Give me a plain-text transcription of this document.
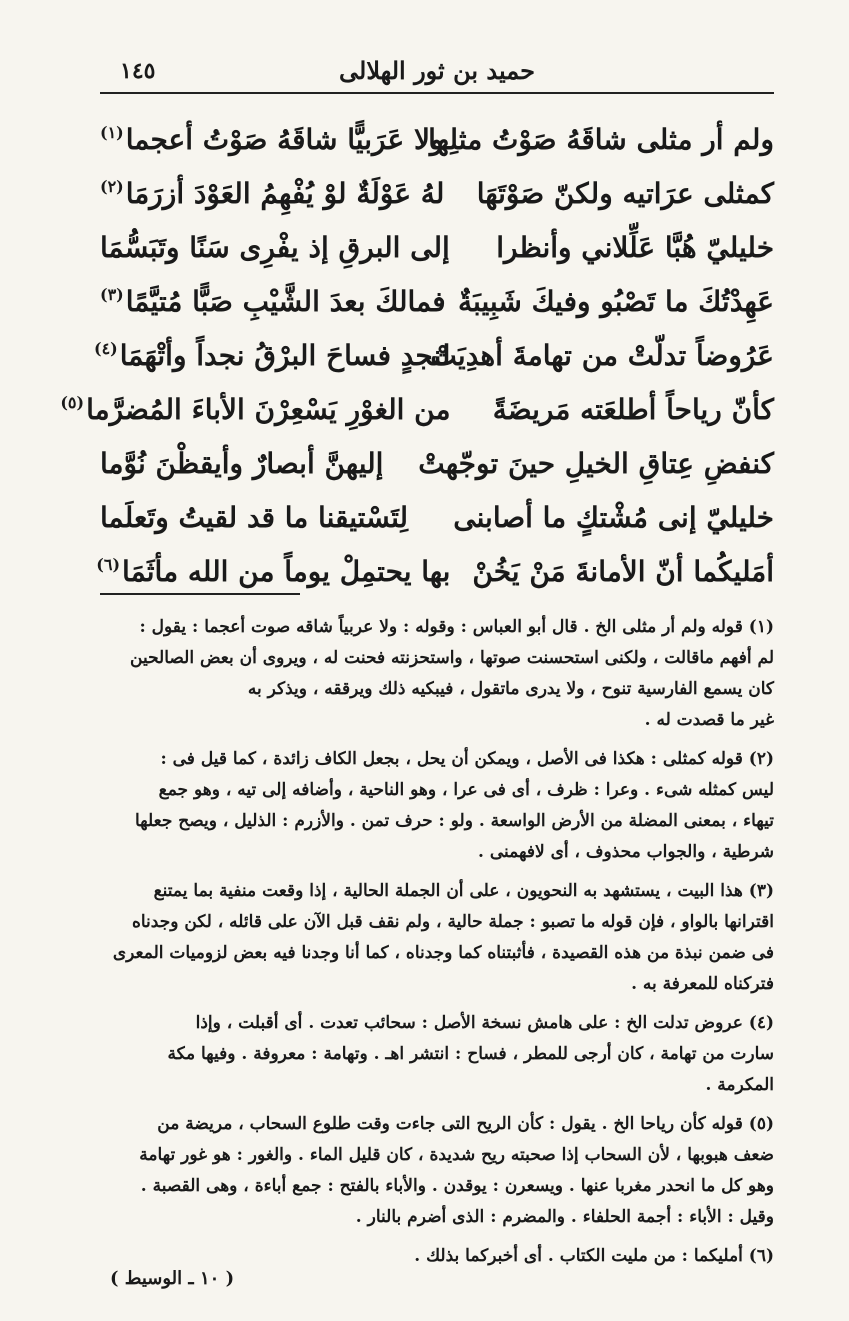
حميد بن ثور الهلالى
١٤٥
ولم أر مثلى شاقَهُ صَوْتُ مثلِها
ولا عَرَبيًّا شاقَهُ صَوْتُ أعجما$^{(١)}$
كمثلى عرَاتيه ولكنّ صَوْتَهَا
لهُ عَوْلَةٌ لوْ يُفْهِمُ العَوْدَ أزرَمَا$^{(٢)}$
خليليّ هُبَّا عَلِّلاني وأنظرا
إلى البرقِ إذ يفْرِى سَنًا وتَبَسُّمَا
عَهِدْتُكَ ما تَصْبُو وفيكَ شَبِيبَةٌ
فمالكَ بعدَ الشَّيْبِ صَبًّا مُتيَّمًا$^{(٣)}$
عَرُوضاً تدلّتْ من تهامةَ أهدِيَتْ
لنجدٍ فساحَ البرْقُ نجداً وأتْهَمَا$^{(٤)}$
كأنّ رياحاً أطلعَته مَريضَةً
من الغوْرِ يَسْعِرْنَ الأباءَ المُضرَّما$^{(٥)}$
كنفضِ عِتاقِ الخيلِ حينَ توجّهتْ
إليهنَّ أبصارٌ وأيقظْنَ نُوَّما
خليليّ إنى مُشْتكٍ ما أصابنى
لِتَسْتيقنا ما قد لقيتُ وتَعلَما
أمَليكُما أنّ الأمانةَ مَنْ يَخُنْ
بها يحتمِلْ يوماً من الله مأثَمَا$^{(٦)}$

(١) قوله ولم أر مثلى الخ . قال أبو العباس : وقوله : ولا عربياً شاقه صوت أعجما : يقول :

لم أفهم ماقالت ، ولكنى استحسنت صوتها ، واستحزنته فحنت له ، ويروى أن بعض الصالحين

كان يسمع الفارسية تنوح ، ولا يدرى ماتقول ، فيبكيه ذلك ويرققه ، ويذكر به

غير ما قصدت له .

(٢) قوله كمثلى : هكذا فى الأصل ، ويمكن أن يحل ، بجعل الكاف زائدة ، كما قيل فى :

ليس كمثله شىء . وعرا : ظرف ، أى فى عرا ، وهو الناحية ، وأضافه إلى تيه ، وهو جمع

تيهاء ، بمعنى المضلة من الأرض الواسعة . ولو : حرف تمن . والأزرم : الذليل ، ويصح جعلها

شرطية ، والجواب محذوف ، أى لافهمنى .

(٣) هذا البيت ، يستشهد به النحويون ، على أن الجملة الحالية ، إذا وقعت منفية بما يمتنع

اقترانها بالواو ، فإن قوله ما تصبو : جملة حالية ، ولم نقف قبل الآن على قائله ، لكن وجدناه

فى ضمن نبذة من هذه القصيدة ، فأثبتناه كما وجدناه ، كما أنا وجدنا فيه بعض لزوميات المعرى

فتركناه للمعرفة به .

(٤) عروض تدلت الخ : على هامش نسخة الأصل : سحائب تعدت . أى أقبلت ، وإذا

سارت من تهامة ، كان أرجى للمطر ، فساح : انتشر اهـ . وتهامة : معروفة . وفيها مكة

المكرمة .

(٥) قوله كأن رياحا الخ . يقول : كأن الريح التى جاءت وقت طلوع السحاب ، مريضة من

ضعف هبوبها ، لأن السحاب إذا صحبته ريح شديدة ، كان قليل الماء . والغور : هو غور تهامة

وهو كل ما انحدر مغربا عنها . ويسعرن : يوقدن . والأباء بالفتح : جمع أباءة ، وهى القصبة .

وقيل : الأباء : أجمة الحلفاء . والمضرم : الذى أضرم بالنار .

(٦) أمليكما : من مليت الكتاب . أى أخبركما بذلك .

( ١٠ ـ الوسيط )
